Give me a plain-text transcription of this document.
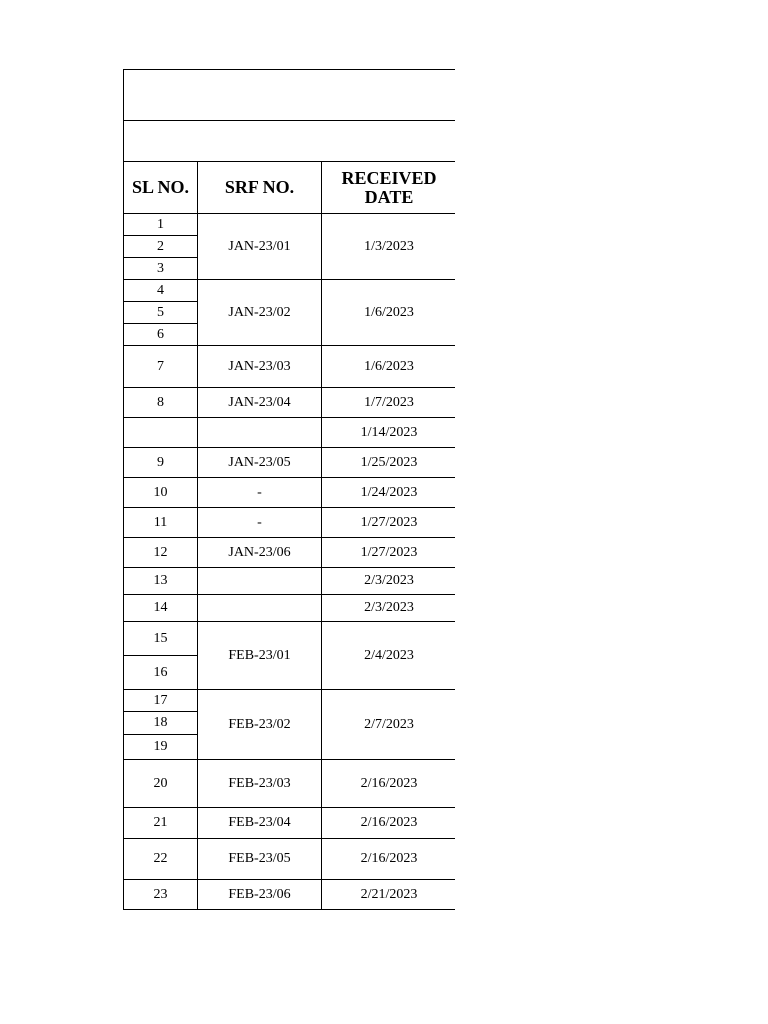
SL NO.	SRF NO.	RECEIVED
DATE
1	JAN-23/01	1/3/2023
2		
3		
4	JAN-23/02	1/6/2023
5		
6		
7	JAN-23/03	1/6/2023
8	JAN-23/04	1/7/2023
		1/14/2023
9	JAN-23/05	1/25/2023
10	-	1/24/2023
11	-	1/27/2023
12	JAN-23/06	1/27/2023
13		2/3/2023
14		2/3/2023
15	FEB-23/01	2/4/2023
16		
17	FEB-23/02	2/7/2023
18		
19		
20	FEB-23/03	2/16/2023
21	FEB-23/04	2/16/2023
22	FEB-23/05	2/16/2023
23	FEB-23/06	2/21/2023
